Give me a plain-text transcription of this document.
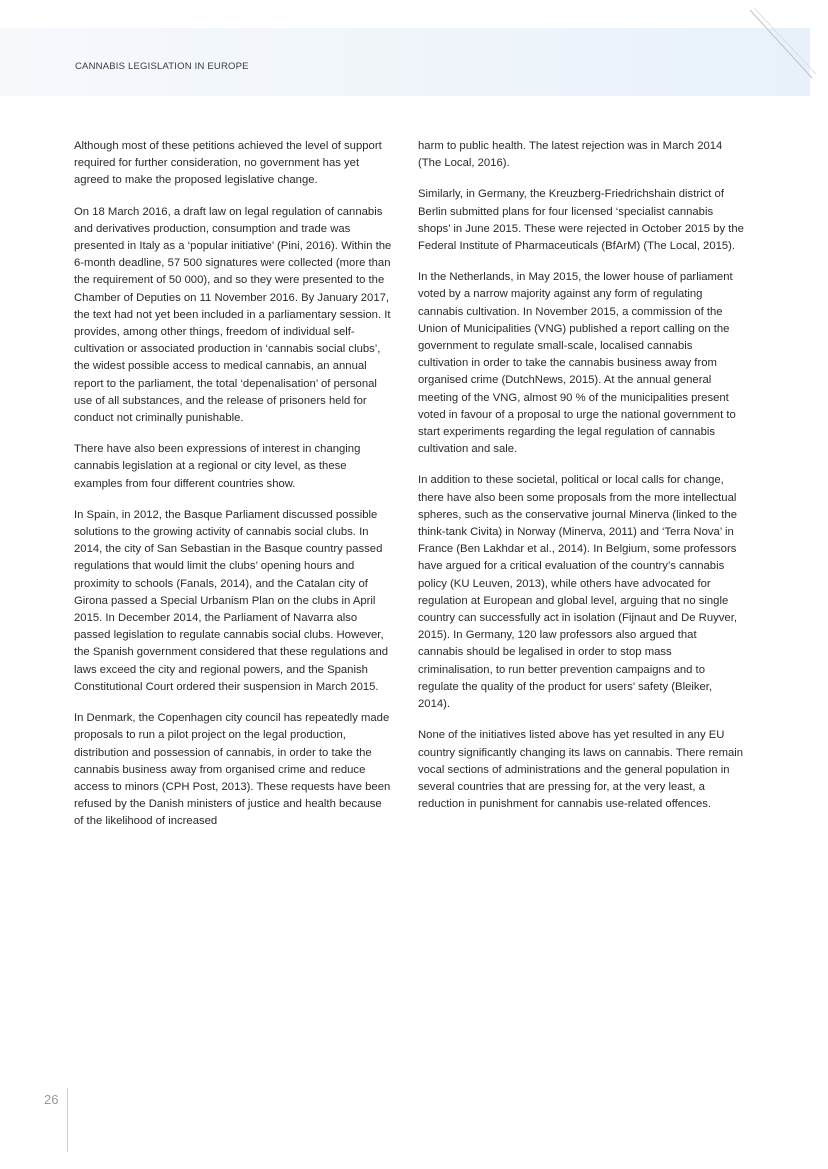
CANNABIS LEGISLATION IN EUROPE

Although most of these petitions achieved the level of support required for further consideration, no government has yet agreed to make the proposed legislative change.

On 18 March 2016, a draft law on legal regulation of cannabis and derivatives production, consumption and trade was presented in Italy as a ‘popular initiative’ (Pini, 2016). Within the 6-month deadline, 57 500 signatures were collected (more than the requirement of 50 000), and so they were presented to the Chamber of Deputies on 11 November 2016. By January 2017, the text had not yet been included in a parliamentary session. It provides, among other things, freedom of individual self-cultivation or associated production in ‘cannabis social clubs’, the widest possible access to medical cannabis, an annual report to the parliament, the total ‘depenalisation’ of personal use of all substances, and the release of prisoners held for conduct not criminally punishable.

There have also been expressions of interest in changing cannabis legislation at a regional or city level, as these examples from four different countries show.

In Spain, in 2012, the Basque Parliament discussed possible solutions to the growing activity of cannabis social clubs. In 2014, the city of San Sebastian in the Basque country passed regulations that would limit the clubs’ opening hours and proximity to schools (Fanals, 2014), and the Catalan city of Girona passed a Special Urbanism Plan on the clubs in April 2015. In December 2014, the Parliament of Navarra also passed legislation to regulate cannabis social clubs. However, the Spanish government considered that these regulations and laws exceed the city and regional powers, and the Spanish Constitutional Court ordered their suspension in March 2015.

In Denmark, the Copenhagen city council has repeatedly made proposals to run a pilot project on the legal production, distribution and possession of cannabis, in order to take the cannabis business away from organised crime and reduce access to minors (CPH Post, 2013). These requests have been refused by the Danish ministers of justice and health because of the likelihood of increased

harm to public health. The latest rejection was in March 2014 (The Local, 2016).

Similarly, in Germany, the Kreuzberg-Friedrichshain district of Berlin submitted plans for four licensed ‘specialist cannabis shops’ in June 2015. These were rejected in October 2015 by the Federal Institute of Pharmaceuticals (BfArM) (The Local, 2015).

In the Netherlands, in May 2015, the lower house of parliament voted by a narrow majority against any form of regulating cannabis cultivation. In November 2015, a commission of the Union of Municipalities (VNG) published a report calling on the government to regulate small-scale, localised cannabis cultivation in order to take the cannabis business away from organised crime (DutchNews, 2015). At the annual general meeting of the VNG, almost 90 % of the municipalities present voted in favour of a proposal to urge the national government to start experiments regarding the legal regulation of cannabis cultivation and sale.

In addition to these societal, political or local calls for change, there have also been some proposals from the more intellectual spheres, such as the conservative journal Minerva (linked to the think-tank Civita) in Norway (Minerva, 2011) and ‘Terra Nova’ in France (Ben Lakhdar et al., 2014). In Belgium, some professors have argued for a critical evaluation of the country’s cannabis policy (KU Leuven, 2013), while others have advocated for regulation at European and global level, arguing that no single country can successfully act in isolation (Fijnaut and De Ruyver, 2015). In Germany, 120 law professors also argued that cannabis should be legalised in order to stop mass criminalisation, to run better prevention campaigns and to regulate the quality of the product for users’ safety (Bleiker, 2014).

None of the initiatives listed above has yet resulted in any EU country significantly changing its laws on cannabis. There remain vocal sections of administrations and the general population in several countries that are pressing for, at the very least, a reduction in punishment for cannabis use-related offences.

26
